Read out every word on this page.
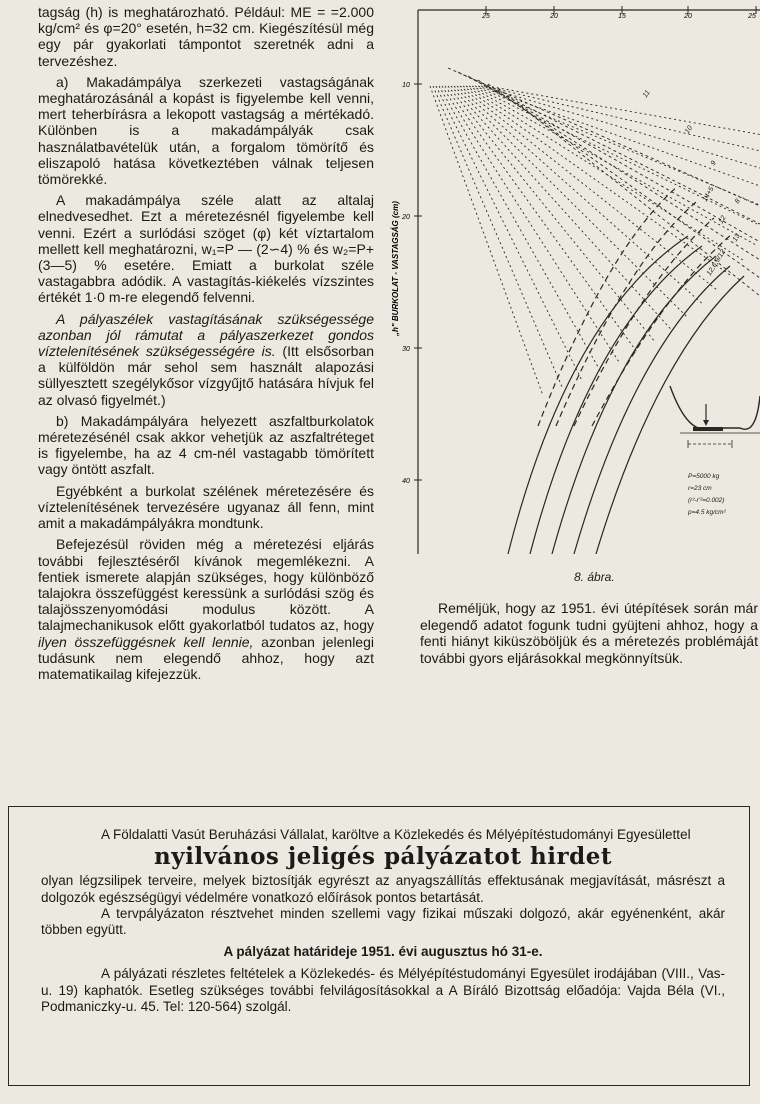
tagság (h) is meghatározható. Például: ME = =2.000 kg/cm² és φ=20° esetén, h=32 cm. Kiegészítésül még egy pár gyakorlati támpontot szeretnék adni a tervezéshez.

a) Makadámpálya szerkezeti vastagságának meghatározásánál a kopást is figyelembe kell venni, mert teherbírásra a lekopott vastagság a mértékadó. Különben is a makadámpályák csak használatbavételük után, a forgalom tömörítő és eliszapoló hatása következtében válnak teljesen tömörekké.

A makadámpálya széle alatt az altalaj elnedvesedhet. Ezt a méretezésnél figyelembe kell venni. Ezért a surlódási szöget (φ) két víztartalom mellett kell meghatározni, w₁=P — (2∽4) % és w₂=P+(3—5) % esetére. Emiatt a burkolat széle vastagabbra adódik. A vastagítás-kiékelés vízszintes értékét 1·0 m-re elegendő felvenni.

A pályaszélek vastagításának szükségessége azonban jól rámutat a pályaszerkezet gondos víztelenítésének szükségességére is. (Itt elsősorban a külföldön már sehol sem használt alapozási süllyesztett szegélykősor vízgyűjtő hatására hívjuk fel az olvasó figyelmét.)

b) Makadámpályára helyezett aszfaltburkolatok méretezésénél csak akkor vehetjük az aszfaltréteget is figyelembe, ha az 4 cm-nél vastagabb tömörített vagy öntött aszfalt.

Egyébként a burkolat szélének méretezésére és víztelenítésének tervezésére ugyanaz áll fenn, mint amit a makadámpályákra mondtunk.

Befejezésül röviden még a méretezési eljárás további fejlesztéséről kívánok megemlékezni. A fentiek ismerete alapján szükséges, hogy különböző talajokra összefüggést keressünk a surlódási szög és talajösszenyomódási modulus között. A talajmechanikusok előtt gyakorlatból tudatos az, hogy ilyen összefüggésnek kell lennie, azonban jelenlegi tudásunk nem elegendő ahhoz, hogy azt matematikailag kifejezzük.

25	20	15	20	25
10
20
30
40
„h" BURKOLAT - VASTAGSÁG (cm)
11
10
9
8
14+5
12
13
12,6,9/12
P=5000 kg
r=23 cm
(r²-r'²=0.002)
p=4.5 kg/cm²
8. ábra.
Reméljük, hogy az 1951. évi útépítések során már elegendő adatot fogunk tudni gyüjteni ahhoz, hogy a fenti hiányt kiküszöböljük és a méretezés problémáját további gyors eljárásokkal megkönnyítsük.

A Földalatti Vasút Beruházási Vállalat, karöltve a Közlekedés és Mélyépítéstudományi Egyesülettel

nyilvános jeligés pályázatot hirdet

olyan légzsilipek terveire, melyek biztosítják egyrészt az anyagszállítás effektusának megjavítását, másrészt a dolgozók egészségügyi védelmére vonatkozó előírások pontos betartását.

A tervpályázaton résztvehet minden szellemi vagy fizikai műszaki dolgozó, akár egyénenként, akár többen együtt.

A pályázat határideje 1951. évi augusztus hó 31-e.

A pályázati részletes feltételek a Közlekedés- és Mélyépítéstudományi Egyesület irodájában (VIII., Vas-u. 19) kaphatók. Esetleg szükséges további felvilágosításokkal a A Bíráló Bizottság előadója: Vajda Béla (VI., Podmaniczky-u. 45. Tel: 120-564) szolgál.
